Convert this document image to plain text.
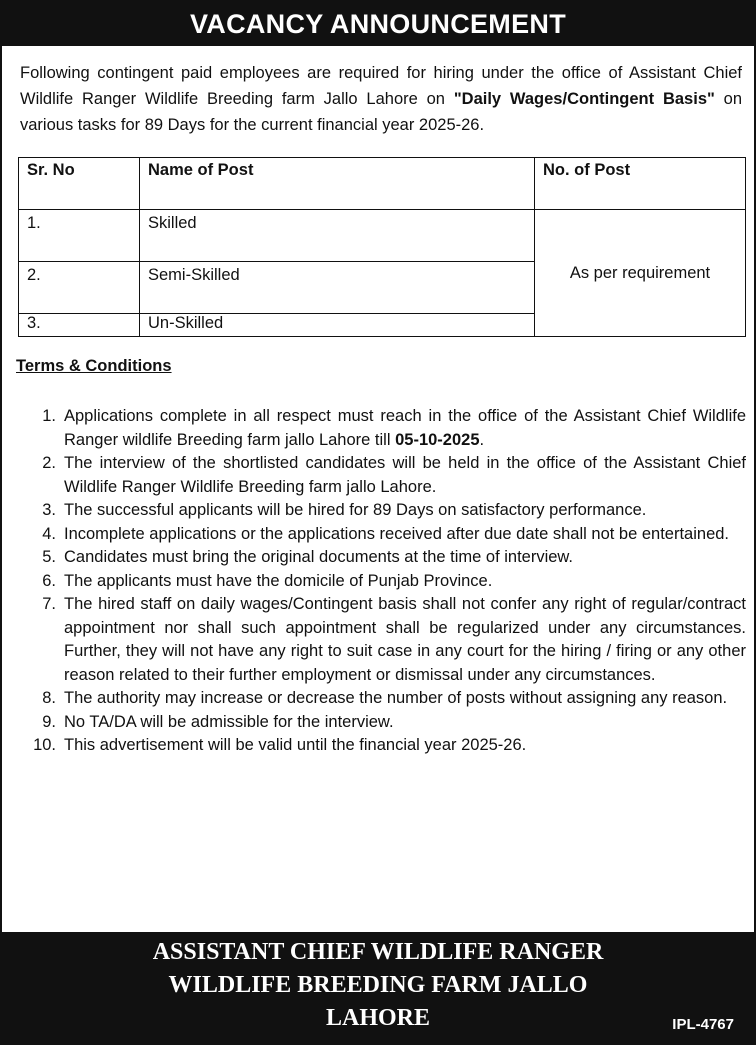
VACANCY ANNOUNCEMENT
Following contingent paid employees are required for hiring under the office of Assistant Chief Wildlife Ranger Wildlife Breeding farm Jallo Lahore on "Daily Wages/Contingent Basis" on various tasks for 89 Days for the current financial year 2025-26.
Sr. No	Name of Post	No. of Post
1.	Skilled	As per requirement
2.	Semi-Skilled	
3.	Un-Skilled	
Terms & Conditions
1. Applications complete in all respect must reach in the office of the Assistant Chief Wildlife Ranger wildlife Breeding farm jallo Lahore till 05-10-2025.
2. The interview of the shortlisted candidates will be held in the office of the Assistant Chief Wildlife Ranger Wildlife Breeding farm jallo Lahore.
3. The successful applicants will be hired for 89 Days on satisfactory performance.
4. Incomplete applications or the applications received after due date shall not be entertained.
5. Candidates must bring the original documents at the time of interview.
6. The applicants must have the domicile of Punjab Province.
7. The hired staff on daily wages/Contingent basis shall not confer any right of regular/contract appointment nor shall such appointment shall be regularized under any circumstances. Further, they will not have any right to suit case in any court for the hiring / firing or any other reason related to their further employment or dismissal under any circumstances.
8. The authority may increase or decrease the number of posts without assigning any reason.
9. No TA/DA will be admissible for the interview.
10. This advertisement will be valid until the financial year 2025-26.
ASSISTANT CHIEF WILDLIFE RANGER
WILDLIFE BREEDING FARM JALLO
LAHORE	IPL-4767
